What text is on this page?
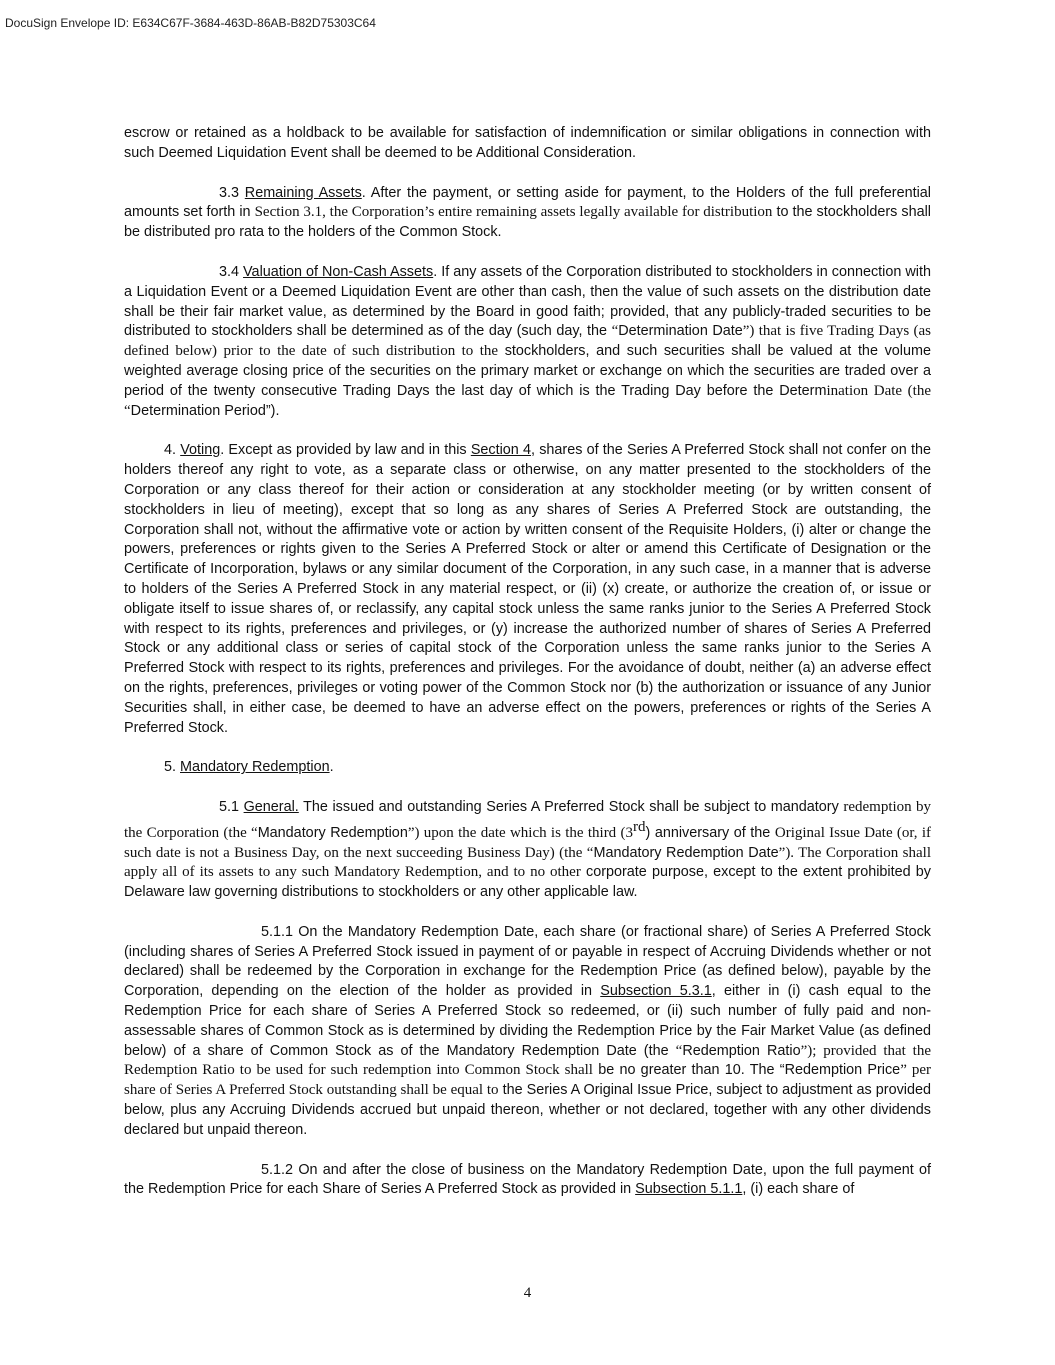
DocuSign Envelope ID: E634C67F-3684-463D-86AB-B82D75303C64

escrow or retained as a holdback to be available for satisfaction of indemnification or similar obligations in connection with such Deemed Liquidation Event shall be deemed to be Additional Consideration.

3.3 Remaining Assets. After the payment, or setting aside for payment, to the Holders of the full preferential amounts set forth in Section 3.1, the Corporation’s entire remaining assets legally available for distribution to the stockholders shall be distributed pro rata to the holders of the Common Stock.

3.4 Valuation of Non-Cash Assets. If any assets of the Corporation distributed to stockholders in connection with a Liquidation Event or a Deemed Liquidation Event are other than cash, then the value of such assets on the distribution date shall be their fair market value, as determined by the Board in good faith; provided, that any publicly-traded securities to be distributed to stockholders shall be determined as of the day (such day, the “Determination Date”) that is five Trading Days (as defined below) prior to the date of such distribution to the stockholders, and such securities shall be valued at the volume weighted average closing price of the securities on the primary market or exchange on which the securities are traded over a period of the twenty consecutive Trading Days the last day of which is the Trading Day before the Determination Date (the “Determination Period”).

4. Voting. Except as provided by law and in this Section 4, shares of the Series A Preferred Stock shall not confer on the holders thereof any right to vote, as a separate class or otherwise, on any matter presented to the stockholders of the Corporation or any class thereof for their action or consideration at any stockholder meeting (or by written consent of stockholders in lieu of meeting), except that so long as any shares of Series A Preferred Stock are outstanding, the Corporation shall not, without the affirmative vote or action by written consent of the Requisite Holders, (i) alter or change the powers, preferences or rights given to the Series A Preferred Stock or alter or amend this Certificate of Designation or the Certificate of Incorporation, bylaws or any similar document of the Corporation, in any such case, in a manner that is adverse to holders of the Series A Preferred Stock in any material respect, or (ii) (x) create, or authorize the creation of, or issue or obligate itself to issue shares of, or reclassify, any capital stock unless the same ranks junior to the Series A Preferred Stock with respect to its rights, preferences and privileges, or (y) increase the authorized number of shares of Series A Preferred Stock or any additional class or series of capital stock of the Corporation unless the same ranks junior to the Series A Preferred Stock with respect to its rights, preferences and privileges. For the avoidance of doubt, neither (a) an adverse effect on the rights, preferences, privileges or voting power of the Common Stock nor (b) the authorization or issuance of any Junior Securities shall, in either case, be deemed to have an adverse effect on the powers, preferences or rights of the Series A Preferred Stock.

5. Mandatory Redemption.

5.1 General. The issued and outstanding Series A Preferred Stock shall be subject to mandatory redemption by the Corporation (the “Mandatory Redemption”) upon the date which is the third (3rd) anniversary of the Original Issue Date (or, if such date is not a Business Day, on the next succeeding Business Day) (the “Mandatory Redemption Date”). The Corporation shall apply all of its assets to any such Mandatory Redemption, and to no other corporate purpose, except to the extent prohibited by Delaware law governing distributions to stockholders or any other applicable law.

5.1.1 On the Mandatory Redemption Date, each share (or fractional share) of Series A Preferred Stock (including shares of Series A Preferred Stock issued in payment of or payable in respect of Accruing Dividends whether or not declared) shall be redeemed by the Corporation in exchange for the Redemption Price (as defined below), payable by the Corporation, depending on the election of the holder as provided in Subsection 5.3.1, either in (i) cash equal to the Redemption Price for each share of Series A Preferred Stock so redeemed, or (ii) such number of fully paid and non-assessable shares of Common Stock as is determined by dividing the Redemption Price by the Fair Market Value (as defined below) of a share of Common Stock as of the Mandatory Redemption Date (the “Redemption Ratio”); provided that the Redemption Ratio to be used for such redemption into Common Stock shall be no greater than 10. The “Redemption Price” per share of Series A Preferred Stock outstanding shall be equal to the Series A Original Issue Price, subject to adjustment as provided below, plus any Accruing Dividends accrued but unpaid thereon, whether or not declared, together with any other dividends declared but unpaid thereon.

5.1.2 On and after the close of business on the Mandatory Redemption Date, upon the full payment of the Redemption Price for each Share of Series A Preferred Stock as provided in Subsection 5.1.1, (i) each share of

4
